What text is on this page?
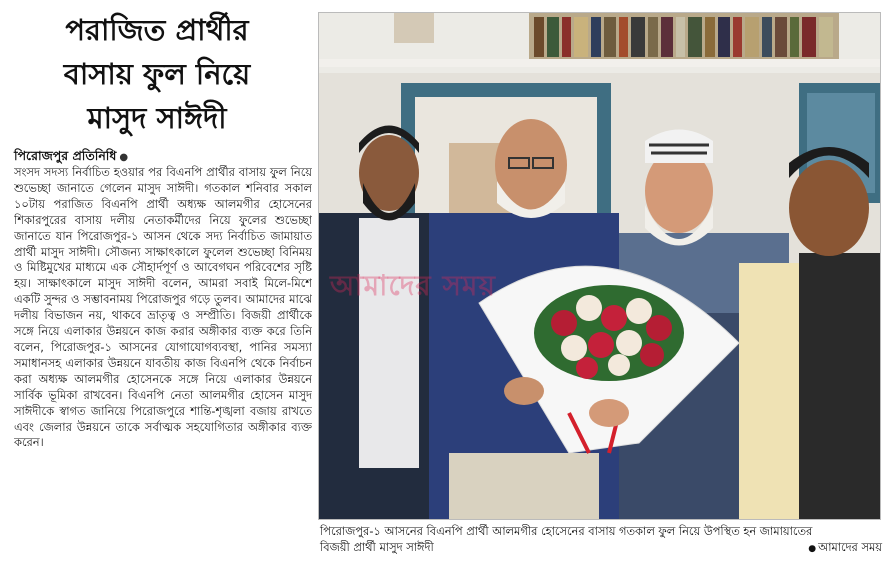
পরাজিত প্রার্থীর
বাসায় ফুল নিয়ে
মাসুদ সাঈদী
পিরোজপুর প্রতিনিধি ●
সংসদ সদস্য নির্বাচিত হওয়ার পর বিএনপি প্রার্থীর বাসায় ফুল নিয়ে শুভেচ্ছা জানাতে গেলেন মাসুদ সাঈদী। গতকাল শনিবার সকাল ১০টায় পরাজিত বিএনপি প্রার্থী অধ্যক্ষ আলমগীর হোসেনের শিকারপুরের বাসায় দলীয় নেতাকর্মীদের নিয়ে ফুলের শুভেচ্ছা জানাতে যান পিরোজপুর-১ আসন থেকে সদ্য নির্বাচিত জামায়াত প্রার্থী মাসুদ সাঈদী। সৌজন্য সাক্ষাৎকালে ফুলেল শুভেচ্ছা বিনিময় ও মিষ্টিমুখের মাধ্যমে এক সৌহার্দপূর্ণ ও আবেগঘন পরিবেশের সৃষ্টি হয়। সাক্ষাৎকালে মাসুদ সাঈদী বলেন, আমরা সবাই মিলে-মিশে একটি সুন্দর ও সম্ভাবনাময় পিরোজপুর গড়ে তুলব। আমাদের মাঝে দলীয় বিভাজন নয়, থাকবে ভ্রাতৃত্ব ও সম্প্রীতি। বিজয়ী প্রার্থীকে সঙ্গে নিয়ে এলাকার উন্নয়নে কাজ করার অঙ্গীকার ব্যক্ত করে তিনি বলেন, পিরোজপুর-১ আসনের যোগাযোগব্যবস্থা, পানির সমস্যা সমাধানসহ এলাকার উন্নয়নে যাবতীয় কাজ বিএনপি থেকে নির্বাচন করা অধ্যক্ষ আলমগীর হোসেনকে সঙ্গে নিয়ে এলাকার উন্নয়নে সার্বিক ভূমিকা রাখবেন। বিএনপি নেতা আলমগীর হোসেন মাসুদ সাঈদীকে স্বাগত জানিয়ে পিরোজপুরে শান্তি-শৃঙ্খলা বজায় রাখতে এবং জেলার উন্নয়নে তাকে সর্বাত্মক সহযোগিতার অঙ্গীকার ব্যক্ত করেন।
আমাদের সময়
পিরোজপুর-১ আসনের বিএনপি প্রার্থী আলমগীর হোসেনের বাসায় গতকাল ফুল নিয়ে উপস্থিত হন জামায়াতের
বিজয়ী প্রার্থী মাসুদ সাঈদী	● আমাদের সময়
